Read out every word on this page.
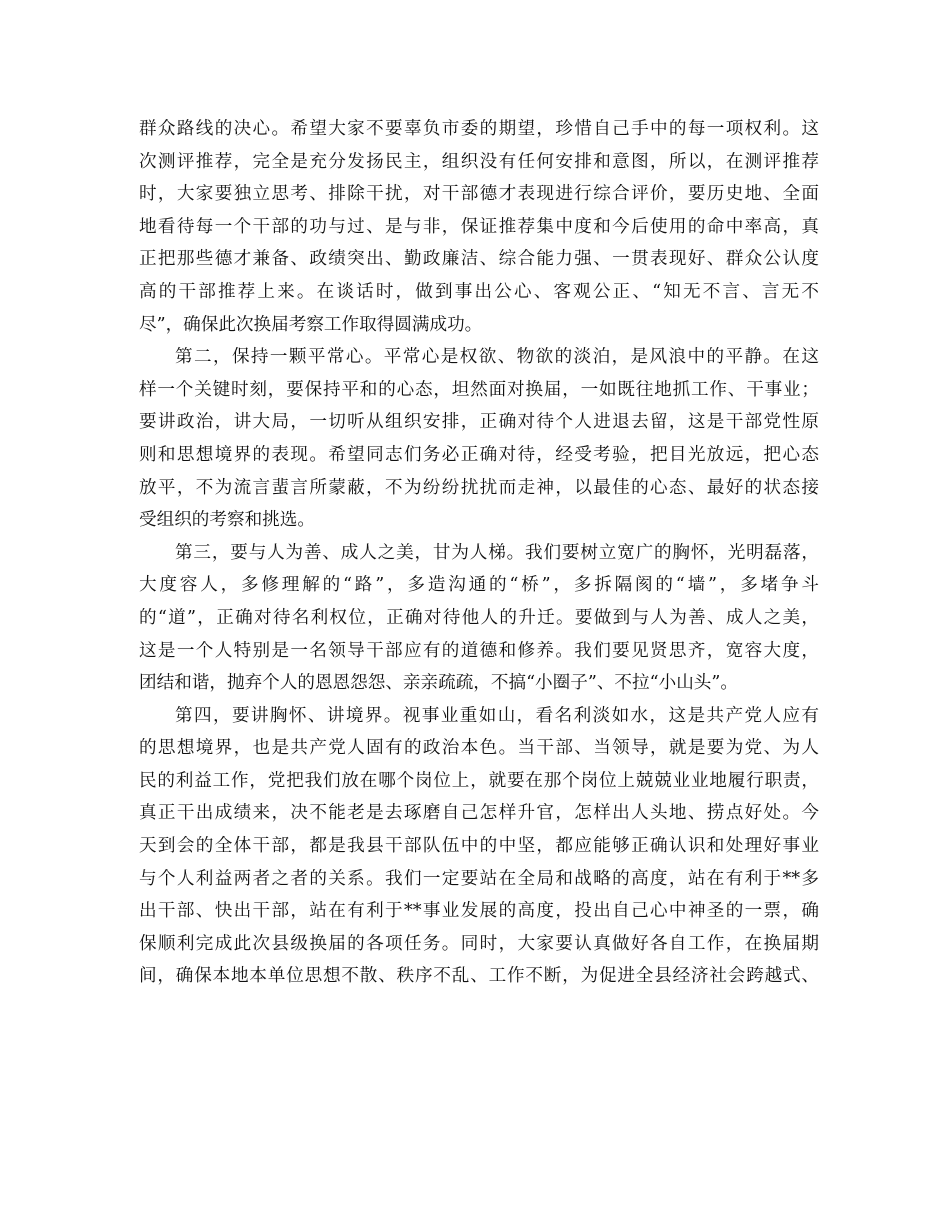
群众路线的决心。希望大家不要辜负市委的期望，珍惜自己手中的每一项权利。这
次测评推荐，完全是充分发扬民主，组织没有任何安排和意图，所以，在测评推荐
时，大家要独立思考、排除干扰，对干部德才表现进行综合评价，要历史地、全面
地看待每一个干部的功与过、是与非，保证推荐集中度和今后使用的命中率高，真
正把那些德才兼备、政绩突出、勤政廉洁、综合能力强、一贯表现好、群众公认度
高的干部推荐上来。在谈话时，做到事出公心、客观公正、“知无不言、言无不
尽”，确保此次换届考察工作取得圆满成功。
第二，保持一颗平常心。平常心是权欲、物欲的淡泊，是风浪中的平静。在这
样一个关键时刻，要保持平和的心态，坦然面对换届，一如既往地抓工作、干事业；
要讲政治，讲大局，一切听从组织安排，正确对待个人进退去留，这是干部党性原
则和思想境界的表现。希望同志们务必正确对待，经受考验，把目光放远，把心态
放平，不为流言蜚言所蒙蔽，不为纷纷扰扰而走神，以最佳的心态、最好的状态接
受组织的考察和挑选。
第三，要与人为善、成人之美，甘为人梯。我们要树立宽广的胸怀，光明磊落，
大度容人，多修理解的“路”，多造沟通的“桥”，多拆隔阂的“墙”，多堵争斗
的“道”，正确对待名利权位，正确对待他人的升迁。要做到与人为善、成人之美，
这是一个人特别是一名领导干部应有的道德和修养。我们要见贤思齐，宽容大度，
团结和谐，抛弃个人的恩恩怨怨、亲亲疏疏，不搞“小圈子”、不拉“小山头”。
第四，要讲胸怀、讲境界。视事业重如山，看名利淡如水，这是共产党人应有
的思想境界，也是共产党人固有的政治本色。当干部、当领导，就是要为党、为人
民的利益工作，党把我们放在哪个岗位上，就要在那个岗位上兢兢业业地履行职责，
真正干出成绩来，决不能老是去琢磨自己怎样升官，怎样出人头地、捞点好处。今
天到会的全体干部，都是我县干部队伍中的中坚，都应能够正确认识和处理好事业
与个人利益两者之者的关系。我们一定要站在全局和战略的高度，站在有利于**多
出干部、快出干部，站在有利于**事业发展的高度，投出自己心中神圣的一票，确
保顺利完成此次县级换届的各项任务。同时，大家要认真做好各自工作，在换届期
间，确保本地本单位思想不散、秩序不乱、工作不断，为促进全县经济社会跨越式、
